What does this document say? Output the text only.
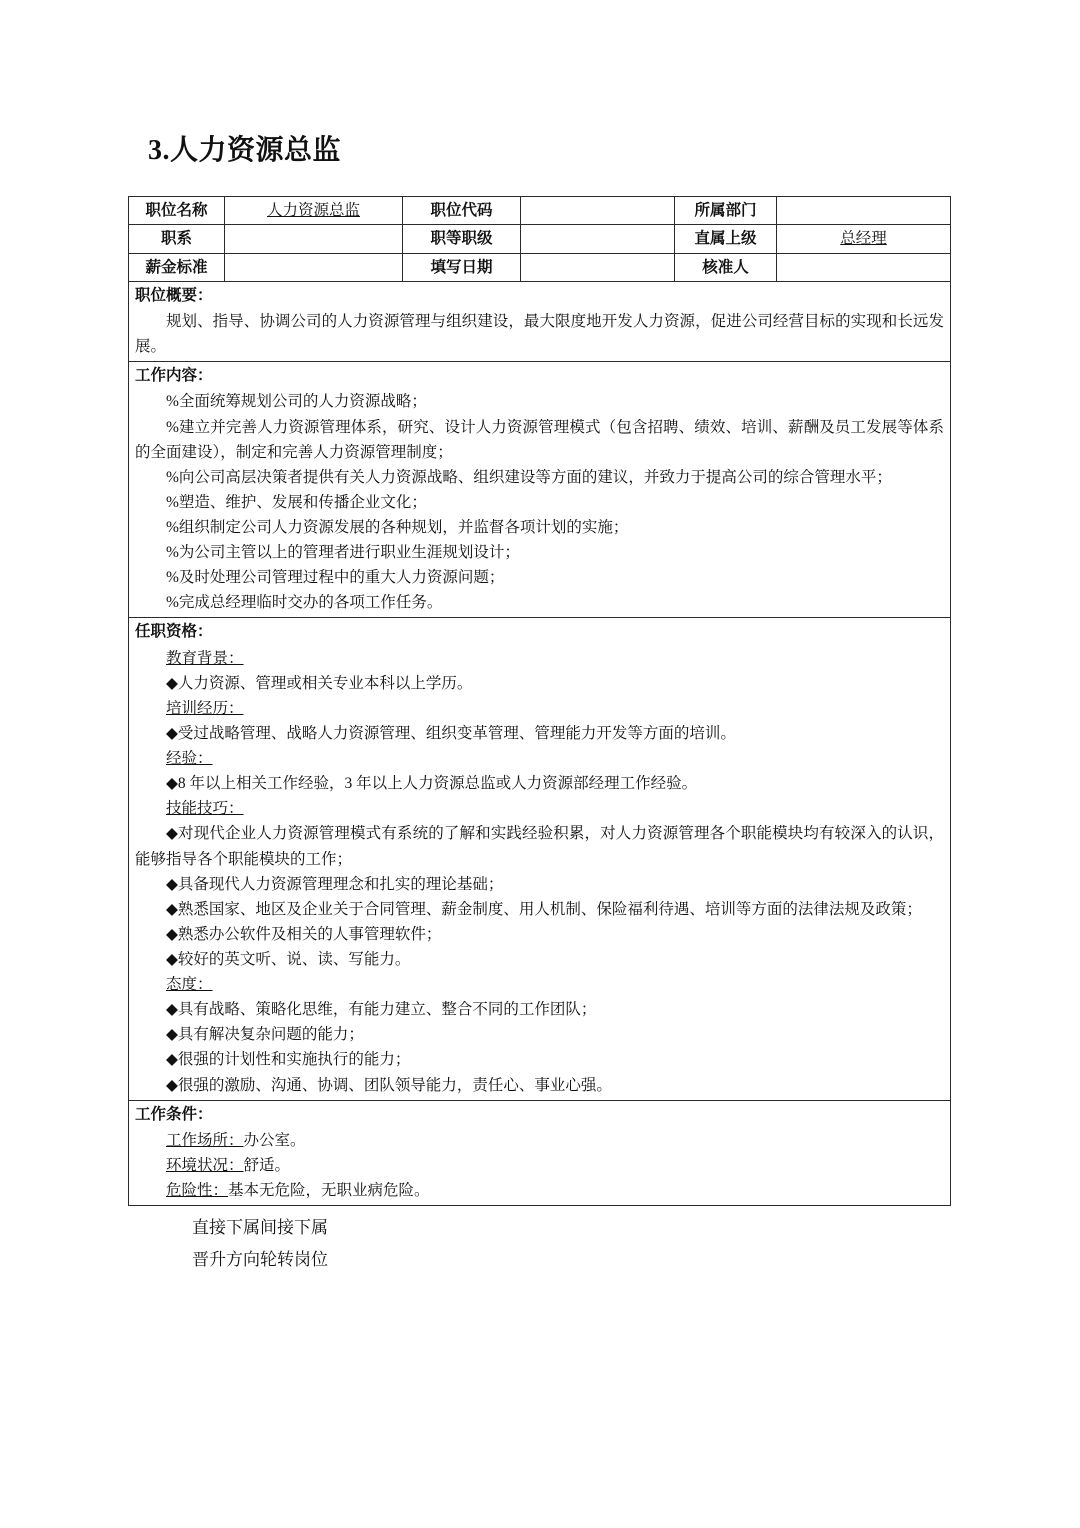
3.人力资源总监
职位名称	人力资源总监	职位代码		所属部门	
职系		职等职级		直属上级	总经理
薪金标准		填写日期		核准人	

职位概要：
规划、指导、协调公司的人力资源管理与组织建设，最大限度地开发人力资源，促进公司经营目标的实现和长远发展。					

工作内容：
%全面统筹规划公司的人力资源战略；
%建立并完善人力资源管理体系，研究、设计人力资源管理模式（包含招聘、绩效、培训、薪酬及员工发展等体系的全面建设），制定和完善人力资源管理制度；
%向公司高层决策者提供有关人力资源战略、组织建设等方面的建议，并致力于提高公司的综合管理水平；
%塑造、维护、发展和传播企业文化；
%组织制定公司人力资源发展的各种规划，并监督各项计划的实施；
%为公司主管以上的管理者进行职业生涯规划设计；
%及时处理公司管理过程中的重大人力资源问题；
%完成总经理临时交办的各项工作任务。

任职资格：
教育背景：
◆人力资源、管理或相关专业本科以上学历。
培训经历：
◆受过战略管理、战略人力资源管理、组织变革管理、管理能力开发等方面的培训。
经验：
◆8 年以上相关工作经验，3 年以上人力资源总监或人力资源部经理工作经验。
技能技巧：
◆对现代企业人力资源管理模式有系统的了解和实践经验积累，对人力资源管理各个职能模块均有较深入的认识，能够指导各个职能模块的工作；
◆具备现代人力资源管理理念和扎实的理论基础；
◆熟悉国家、地区及企业关于合同管理、薪金制度、用人机制、保险福利待遇、培训等方面的法律法规及政策；
◆熟悉办公软件及相关的人事管理软件；
◆较好的英文听、说、读、写能力。
态度：
◆具有战略、策略化思维，有能力建立、整合不同的工作团队；
◆具有解决复杂问题的能力；
◆很强的计划性和实施执行的能力；
◆很强的激励、沟通、协调、团队领导能力，责任心、事业心强。

工作条件：
工作场所：办公室。
环境状况：舒适。
危险性：基本无危险，无职业病危险。					
直接下属间接下属
晋升方向轮转岗位
